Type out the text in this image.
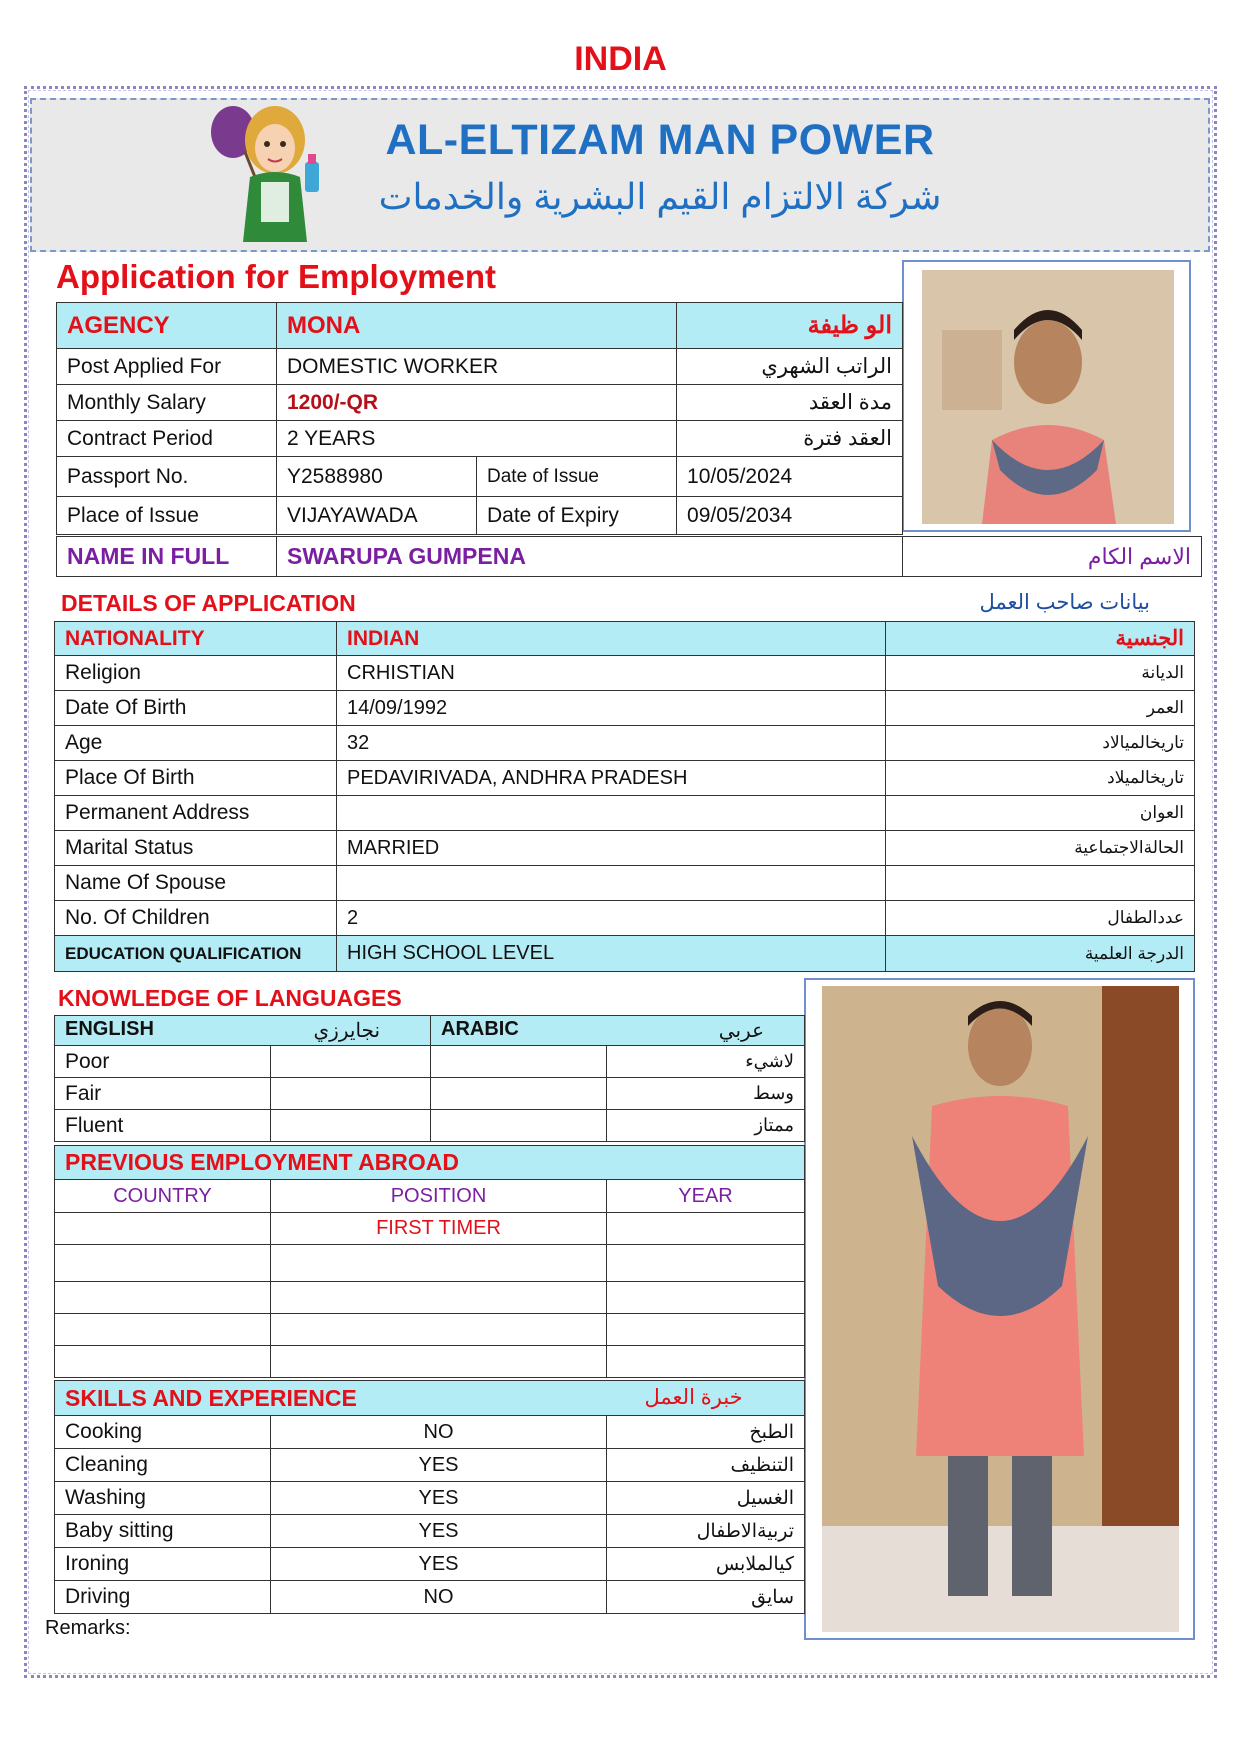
INDIA
AL-ELTIZAM MAN POWER
شركة الالتزام القيم البشرية والخدمات
Application for Employment
AGENCY	MONA		الو ظيفة
Post Applied For	DOMESTIC WORKER		الراتب الشهري
Monthly Salary	1200/-QR		مدة العقد
Contract Period	2 YEARS		العقد فترة
Passport No.	Y2588980	Date of Issue	10/05/2024
Place of Issue	VIJAYAWADA	Date of Expiry	09/05/2034
NAME IN FULL	SWARUPA GUMPENA	الاسم الكام
DETAILS OF APPLICATION	بيانات صاحب العمل
NATIONALITY	INDIAN	الجنسية
Religion	CRHISTIAN	الديانة
Date Of Birth	14/09/1992	العمر
Age	32	تاريخالميالاد
Place Of Birth	PEDAVIRIVADA, ANDHRA PRADESH	تاريخالميلاد
Permanent Address		العوان
Marital Status	MARRIED	الحالةالاجتماعية
Name Of Spouse		
No. Of Children	2	عددالطفال
EDUCATION QUALIFICATION	HIGH SCHOOL LEVEL	الدرجة العلمية
KNOWLEDGE OF LANGUAGES
ENGLISH نجايرزي		ARABIC عربي	

Poor			لاشيء
Fair			وسط
Fluent			ممتاز
PREVIOUS EMPLOYMENT ABROAD		
COUNTRY	POSITION	YEAR
	FIRST TIMER	

SKILLS AND EXPERIENCE خبرة العمل		

Cooking	NO	الطبخ
Cleaning	YES	التنظيف
Washing	YES	الغسيل
Baby sitting	YES	تربيةالاطفال
Ironing	YES	كيالملابس
Driving	NO	سايق
Remarks:
